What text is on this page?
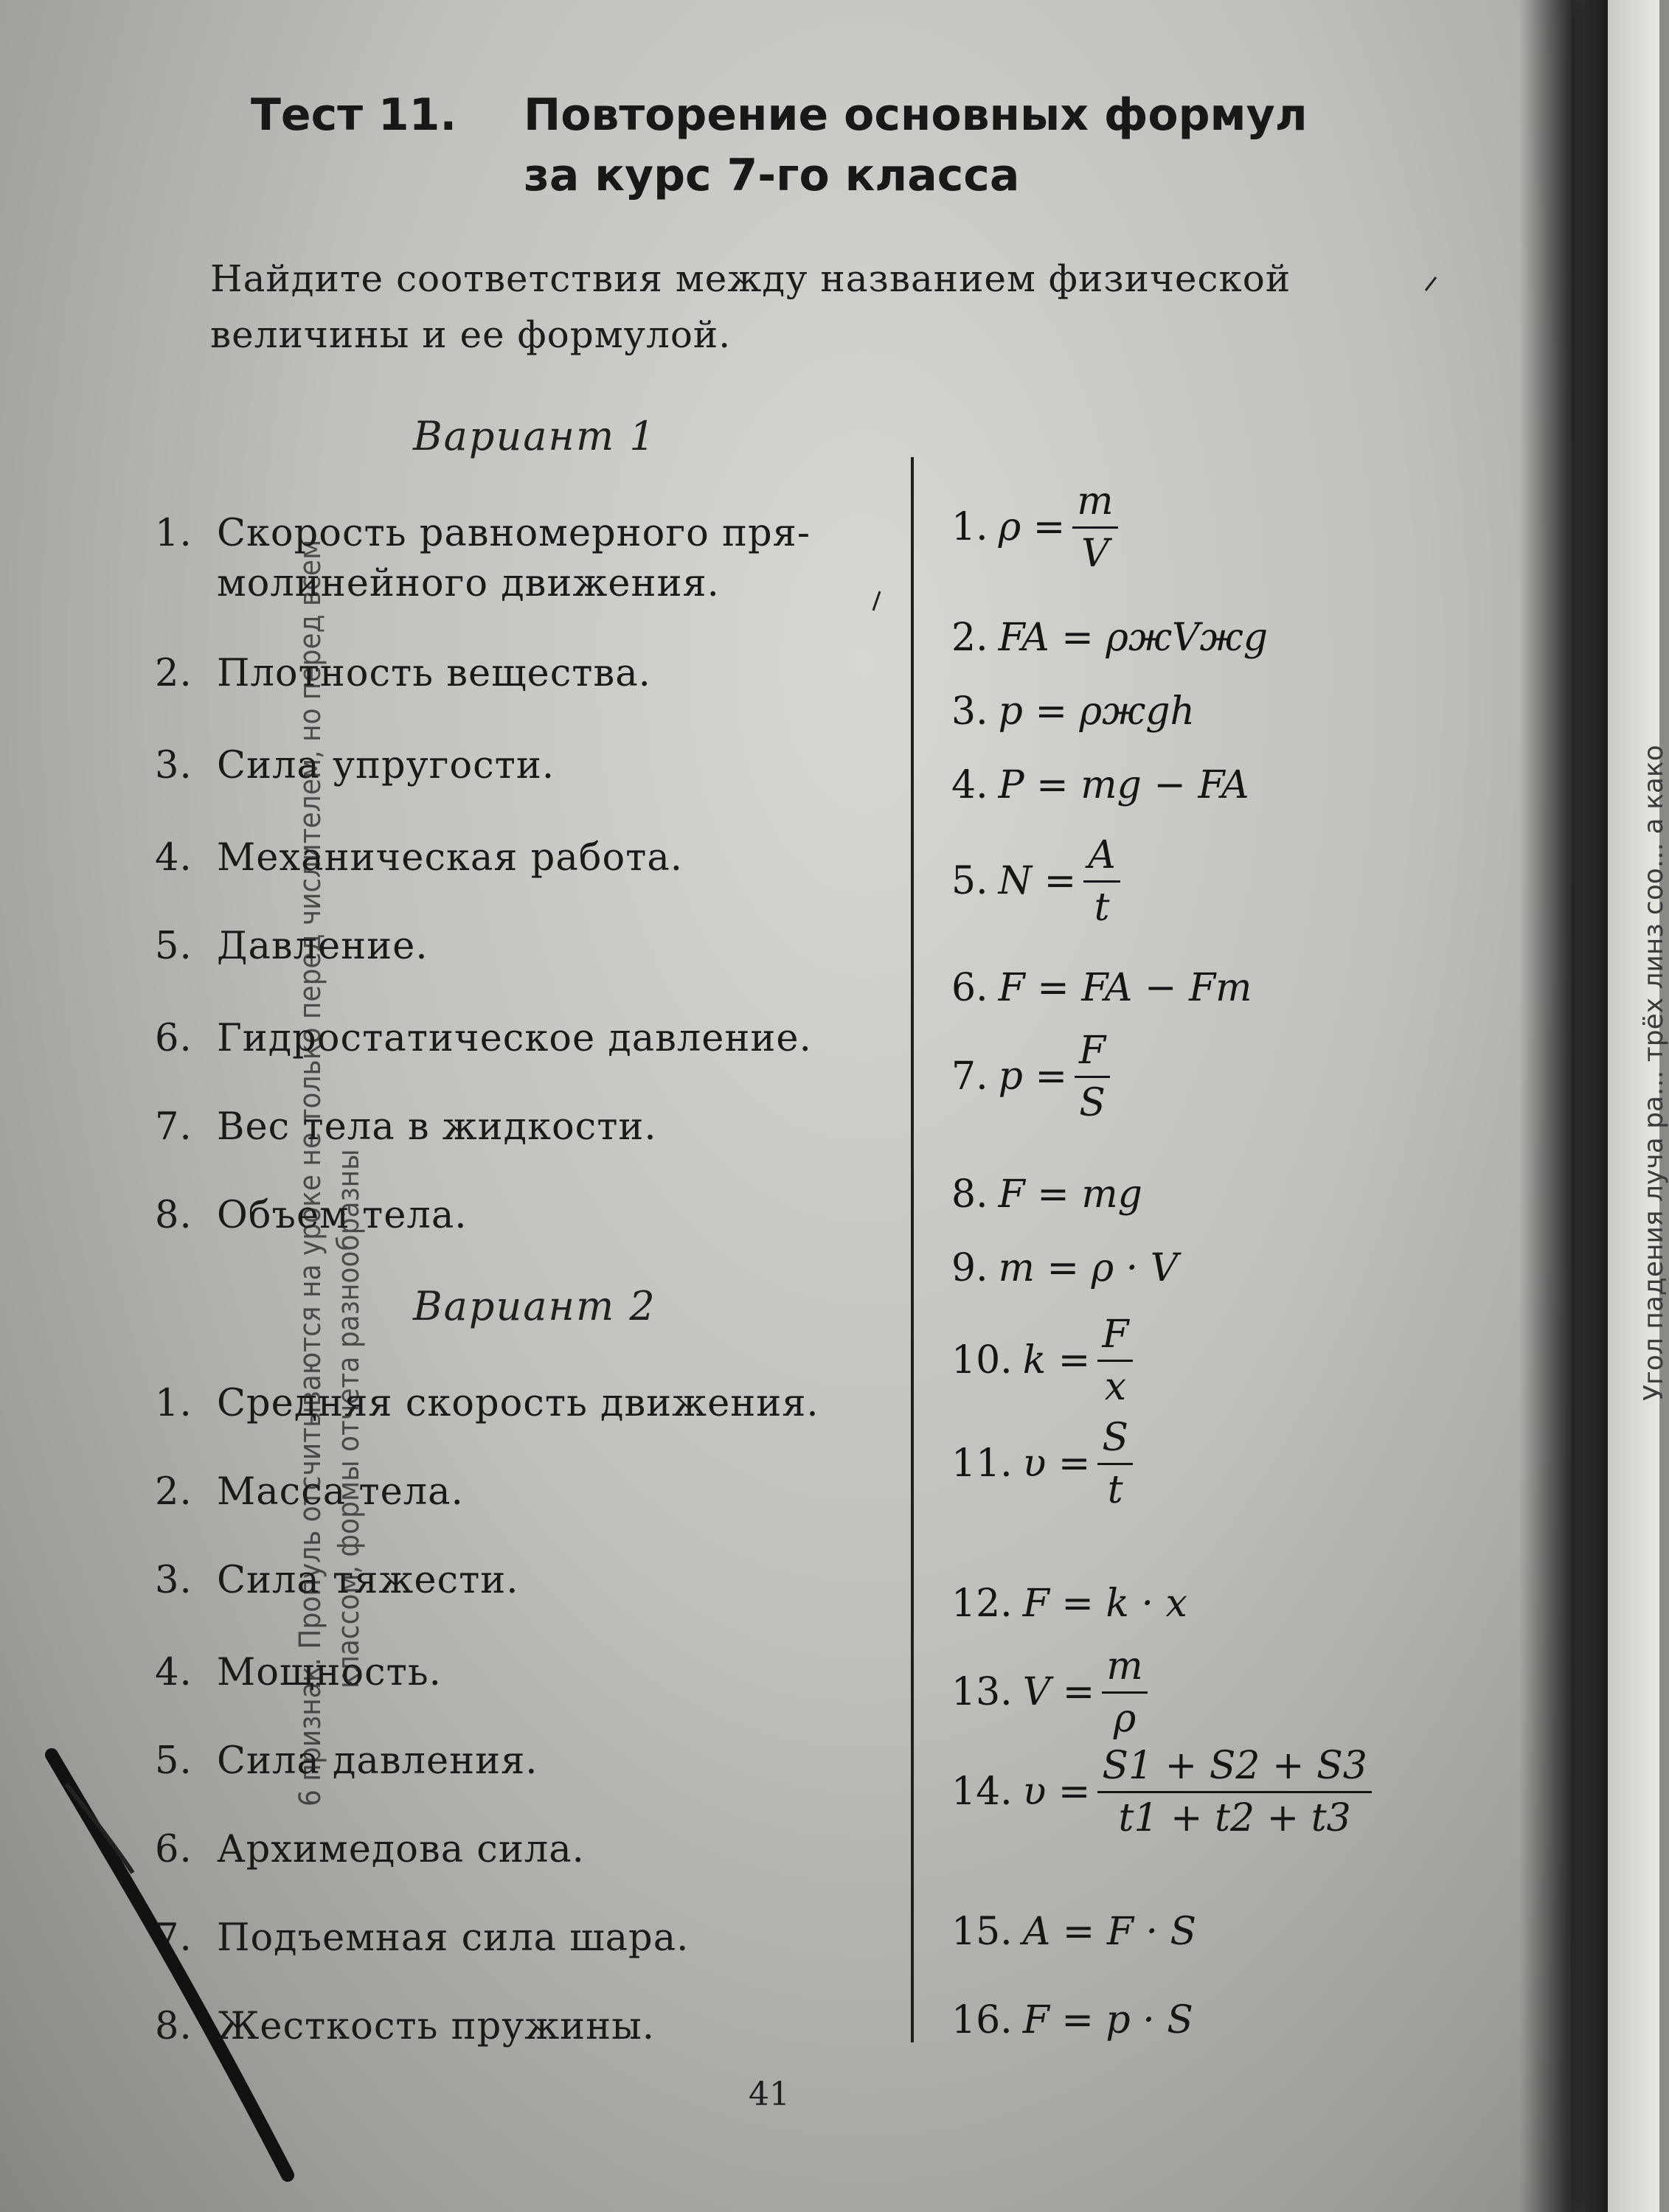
Угол падения луча ра... трёх линз соо... а како
Тест 11.	Повторение основных формул
за курс 7-го класса
Найдите соответствия между названием физической
величины и ее формулой.
Вариант 1
1. Скорость равномерного пря-
молинейного движения.
2. Плотность вещества.
3. Сила упругости.
4. Механическая работа.
5. Давление.
6. Гидростатическое давление.
7. Вес тела в жидкости.
8. Объем тела.
Вариант 2
1. Средняя скорость движения.
2. Масса тела.
3. Сила тяжести.
4. Мощность.
5. Сила давления.
6. Архимедова сила.
7. Подъемная сила шара.
8. Жесткость пружины.
1. $\rho = \frac{m}{V}$
2. FA = ρжVжg
3. p = ρжgh
4. P = mg − FA
5. $N = \frac{A}{t}$
6. F = FA − Fт
7. $p = \frac{F}{S}$
8. F = mg
9. m = ρ · V
10. $k = \frac{F}{x}$
11. $\upsilon = \frac{S}{t}$
12. F = k · x
13. $V = \frac{m}{\rho}$
14. $\upsilon = \frac{S1 + S2 + S3}{t1 + t2 + t3}$
15. A = F · S
16. F = p · S
41
6 признак. Пропуль отсчитываются на уроке не только перед числителем, но перед всем классом, формы отчета разнообразны
